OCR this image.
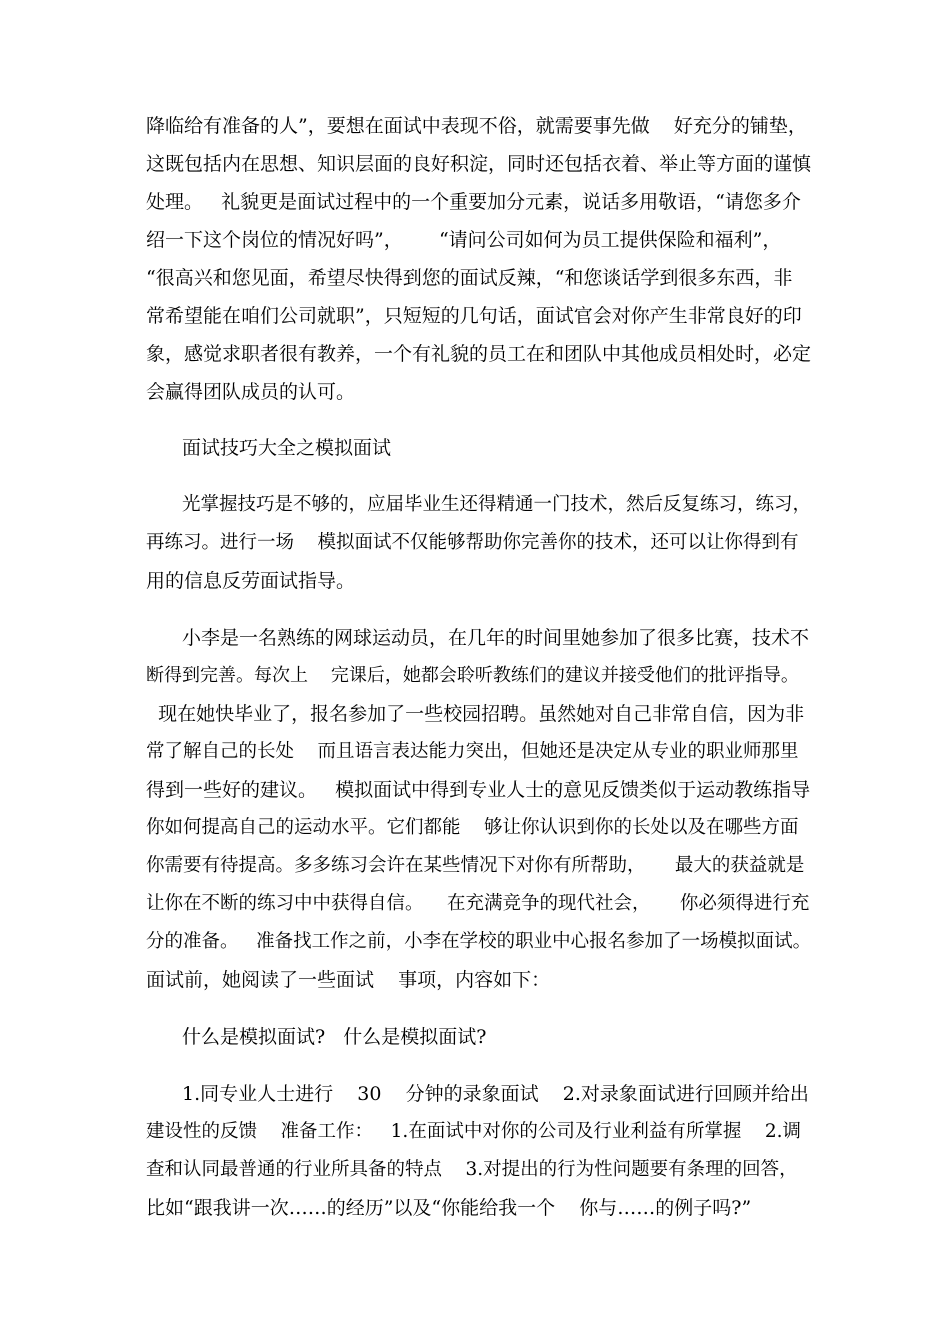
降临给有准备的人”，要想在面试中表现不俗，就需要事先做    好充分的铺垫，
这既包括内在思想、知识层面的良好积淀，同时还包括衣着、举止等方面的谨慎
处理。   礼貌更是面试过程中的一个重要加分元素，说话多用敬语，“请您多介
绍一下这个岗位的情况好吗”，      “请问公司如何为员工提供保险和福利”，
“很高兴和您见面，希望尽快得到您的面试反辣，“和您谈话学到很多东西，非
常希望能在咱们公司就职”，只短短的几句话，面试官会对你产生非常良好的印
象，感觉求职者很有教养，一个有礼貌的员工在和团队中其他成员相处时，必定
会赢得团队成员的认可。
面试技巧大全之模拟面试
光掌握技巧是不够的，应届毕业生还得精通一门技术，然后反复练习，练习，
再练习。进行一场    模拟面试不仅能够帮助你完善你的技术，还可以让你得到有
用的信息反劳面试指导。
小李是一名熟练的网球运动员，在几年的时间里她参加了很多比赛，技术不
断得到完善。每次上    完课后，她都会聆听教练们的建议并接受他们的批评指导。
现在她快毕业了，报名参加了一些校园招聘。虽然她对自己非常自信，因为非
常了解自己的长处    而且语言表达能力突出，但她还是决定从专业的职业师那里
得到一些好的建议。   模拟面试中得到专业人士的意见反馈类似于运动教练指导
你如何提高自己的运动水平。它们都能    够让你认识到你的长处以及在哪些方面
你需要有待提高。多多练习会许在某些情况下对你有所帮助，     最大的获益就是
让你在不断的练习中中获得自信。    在充满竞争的现代社会，     你必须得进行充
分的准备。   准备找工作之前，小李在学校的职业中心报名参加了一场模拟面试。
面试前，她阅读了一些面试    事项，内容如下：
什么是模拟面试?   什么是模拟面试?
1.同专业人士进行    30    分钟的录象面试    2.对录象面试进行回顾并给出
建设性的反馈    准备工作：   1.在面试中对你的公司及行业利益有所掌握    2.调
查和认同最普通的行业所具备的特点    3.对提出的行为性问题要有条理的回答，
比如“跟我讲一次……的经历”以及“你能给我一个    你与……的例子吗?”
